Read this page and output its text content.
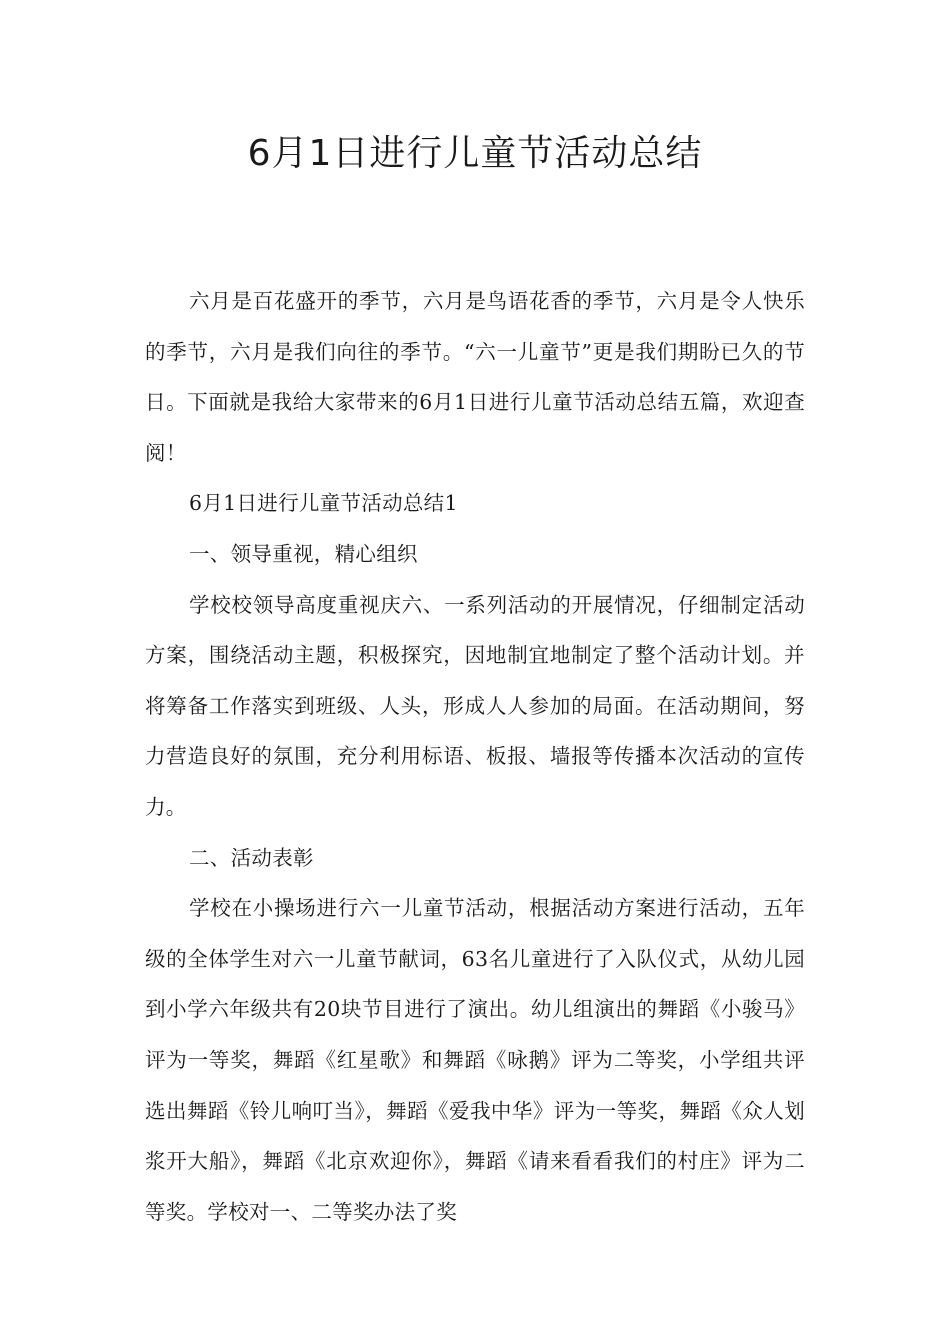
6月1日进行儿童节活动总结

六月是百花盛开的季节，六月是鸟语花香的季节，六月是令人快乐的季节，六月是我们向往的季节。“六一儿童节”更是我们期盼已久的节日。下面就是我给大家带来的6月1日进行儿童节活动总结五篇，欢迎查阅！

6月1日进行儿童节活动总结1

一、领导重视，精心组织

学校校领导高度重视庆六、一系列活动的开展情况，仔细制定活动方案，围绕活动主题，积极探究，因地制宜地制定了整个活动计划。并将筹备工作落实到班级、人头，形成人人参加的局面。在活动期间，努力营造良好的氛围，充分利用标语、板报、墙报等传播本次活动的宣传力。

二、活动表彰

学校在小操场进行六一儿童节活动，根据活动方案进行活动，五年级的全体学生对六一儿童节献词，63名儿童进行了入队仪式，从幼儿园到小学六年级共有20块节目进行了演出。幼儿组演出的舞蹈《小骏马》评为一等奖，舞蹈《红星歌》和舞蹈《咏鹅》评为二等奖，小学组共评选出舞蹈《铃儿响叮当》，舞蹈《爱我中华》评为一等奖，舞蹈《众人划浆开大船》，舞蹈《北京欢迎你》，舞蹈《请来看看我们的村庄》评为二等奖。学校对一、二等奖办法了奖
